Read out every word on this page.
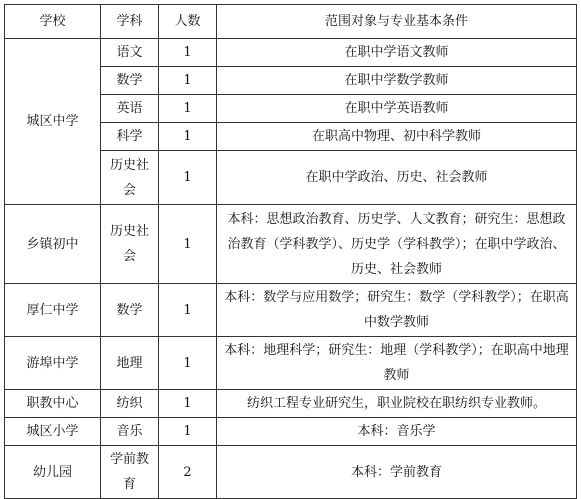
学校	学科	人数	范围对象与专业基本条件
城区中学	语文	1	在职中学语文教师
	数学	1	在职中学数学教师
	英语	1	在职中学英语教师
	科学	1	在职高中物理、初中科学教师
	历史社会	1	在职中学政治、历史、社会教师
乡镇初中	历史社会	1	本科：思想政治教育、历史学、人文教育；研究生：思想政治教育（学科教学）、历史学（学科教学）；在职中学政治、历史、社会教师
厚仁中学	数学	1	本科：数学与应用数学；研究生：数学（学科教学）；在职高中数学教师
游埠中学	地理	1	本科：地理科学；研究生：地理（学科教学）；在职高中地理教师
职教中心	纺织	1	纺织工程专业研究生，职业院校在职纺织专业教师。
城区小学	音乐	1	本科：音乐学
幼儿园	学前教育	2	本科：学前教育
